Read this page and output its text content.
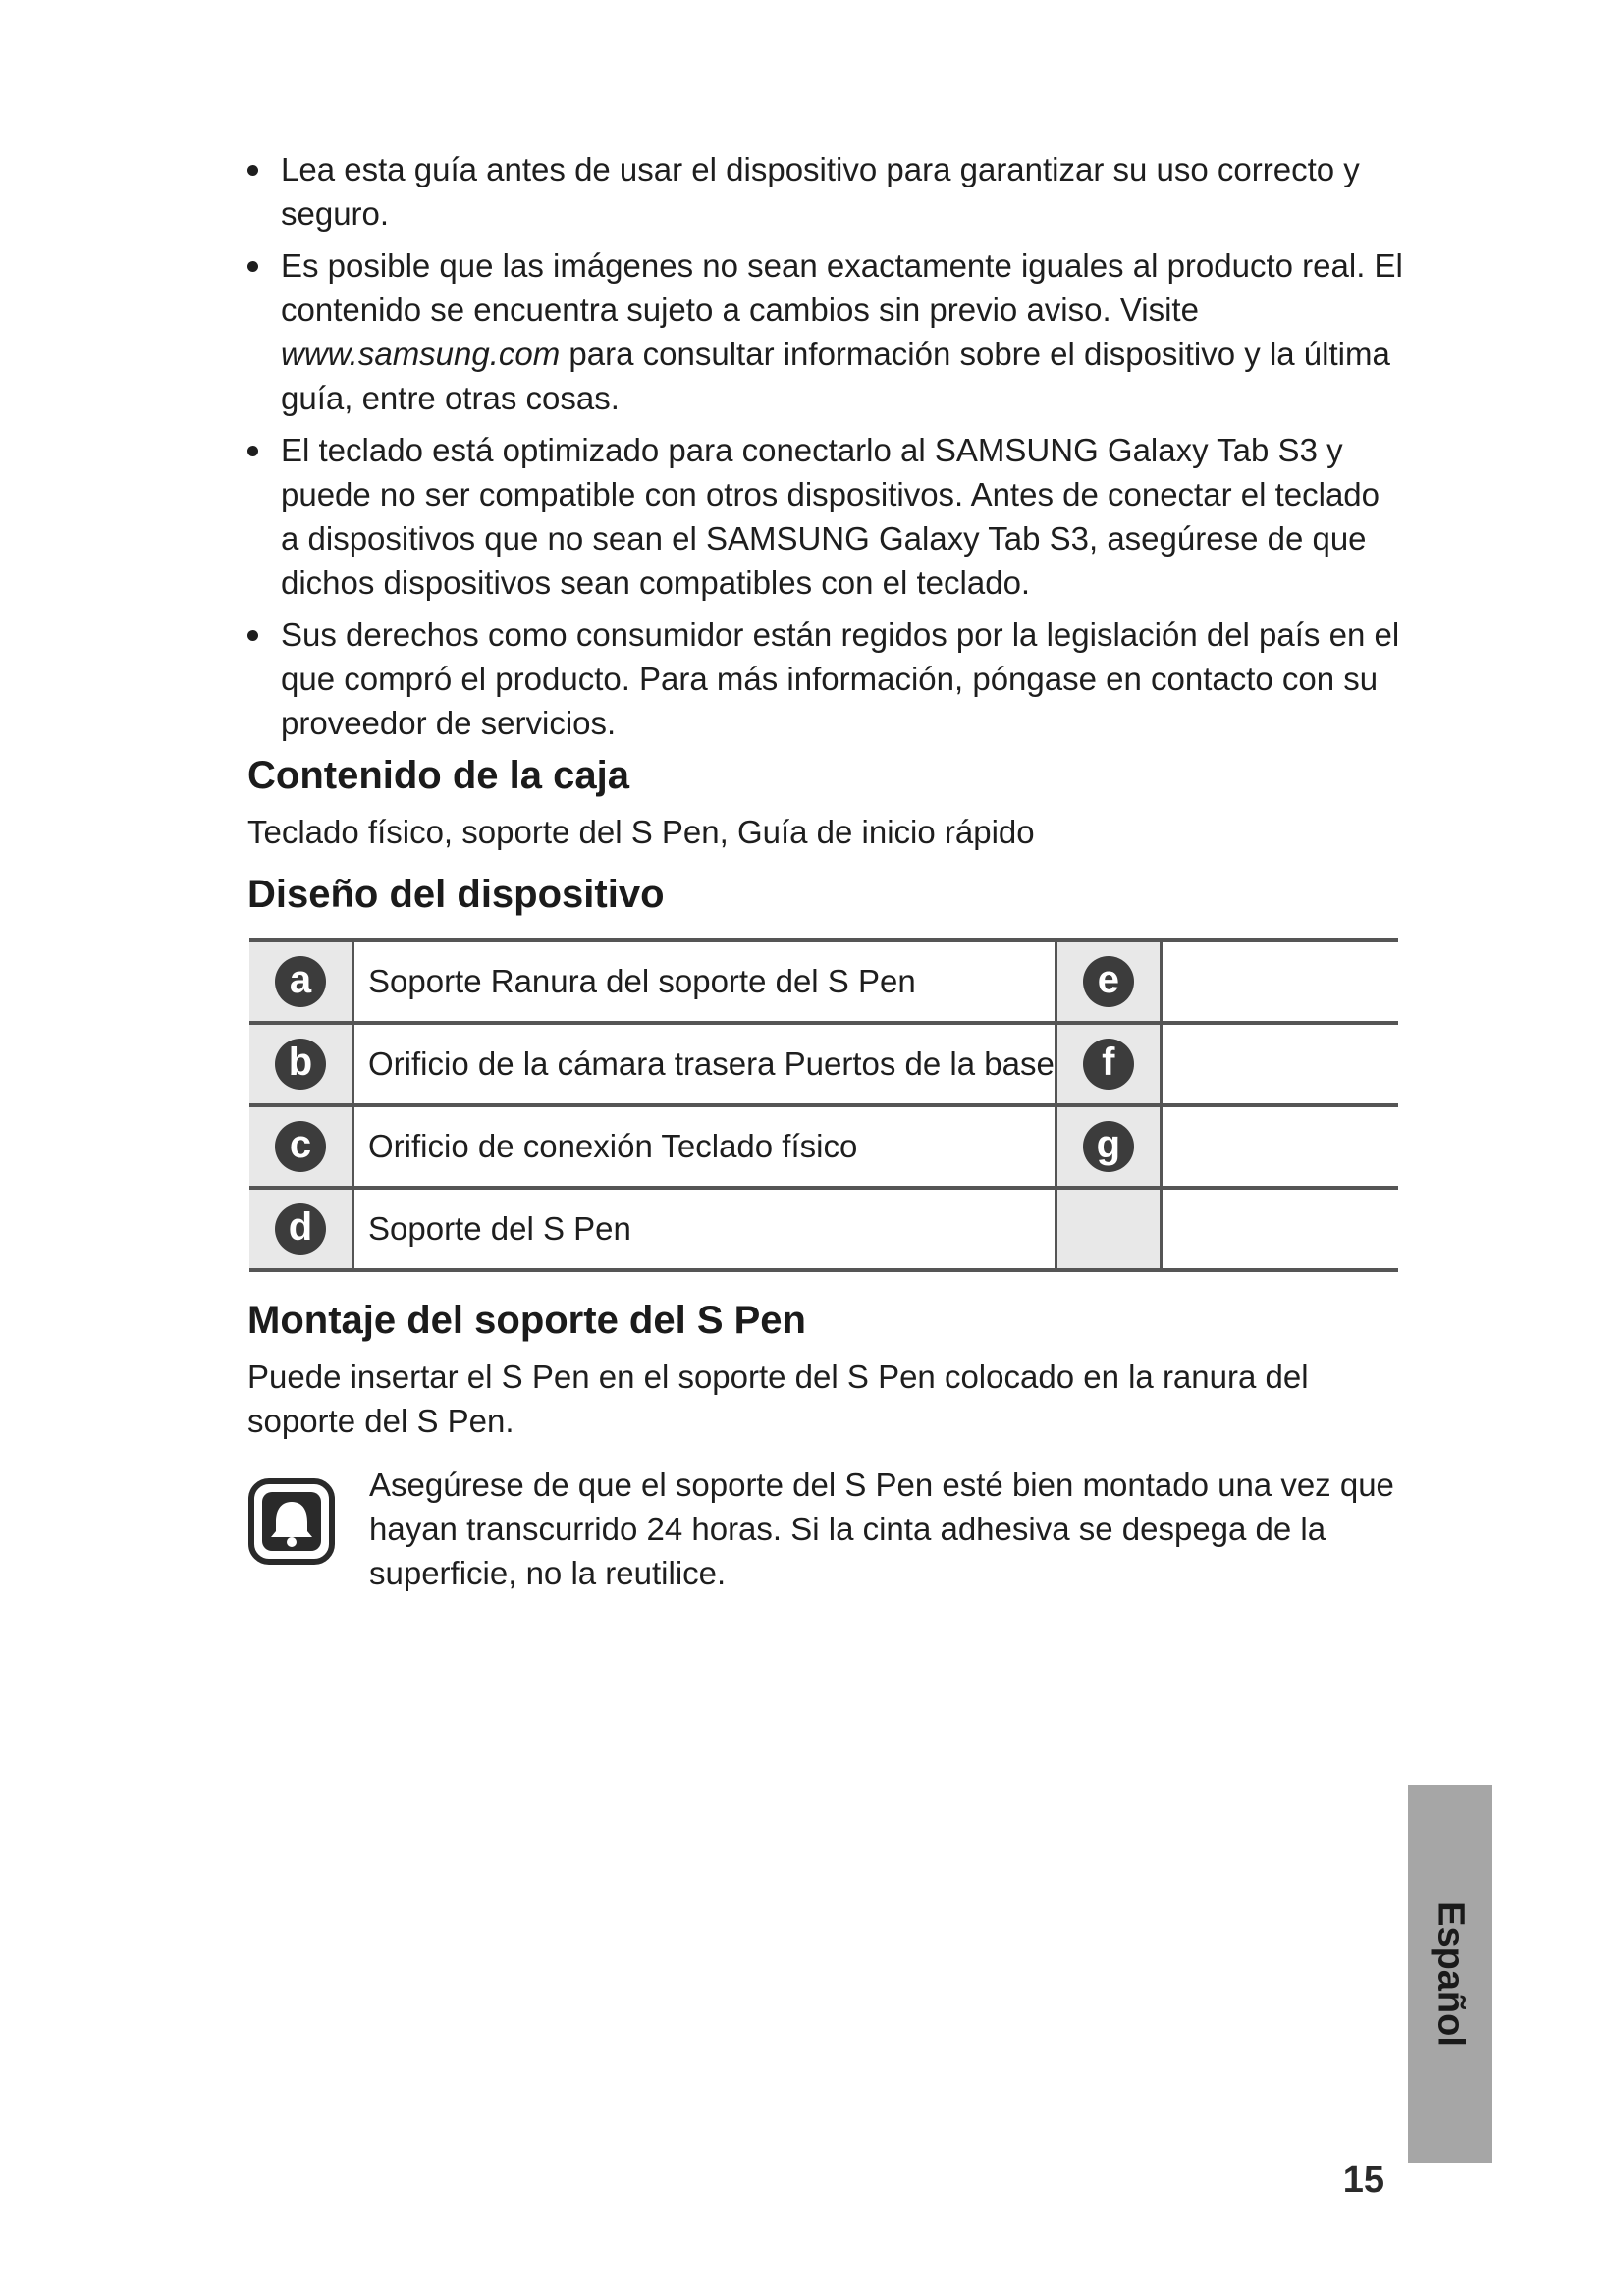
Lea esta guía antes de usar el dispositivo para garantizar su uso correcto y seguro.
Es posible que las imágenes no sean exactamente iguales al producto real. El contenido se encuentra sujeto a cambios sin previo aviso. Visite www.samsung.com para consultar información sobre el dispositivo y la última guía, entre otras cosas.
El teclado está optimizado para conectarlo al SAMSUNG Galaxy Tab S3 y puede no ser compatible con otros dispositivos. Antes de conectar el teclado a dispositivos que no sean el SAMSUNG Galaxy Tab S3, asegúrese de que dichos dispositivos sean compatibles con el teclado.
Sus derechos como consumidor están regidos por la legislación del país en el que compró el producto. Para más información, póngase en contacto con su proveedor de servicios.
Contenido de la caja

Teclado físico, soporte del S Pen, Guía de inicio rápido

Diseño del dispositivo
a	Soporte Ranura del soporte del S Pen	e	
b	Orificio de la cámara trasera Puertos de la base	f	
c	Orificio de conexión Teclado físico	g	
d	Soporte del S Pen		
Montaje del soporte del S Pen

Puede insertar el S Pen en el soporte del S Pen colocado en la ranura del soporte del S Pen.

Asegúrese de que el soporte del S Pen esté bien montado una vez que hayan transcurrido 24 horas. Si la cinta adhesiva se despega de la superficie, no la reutilice.

Español
15
